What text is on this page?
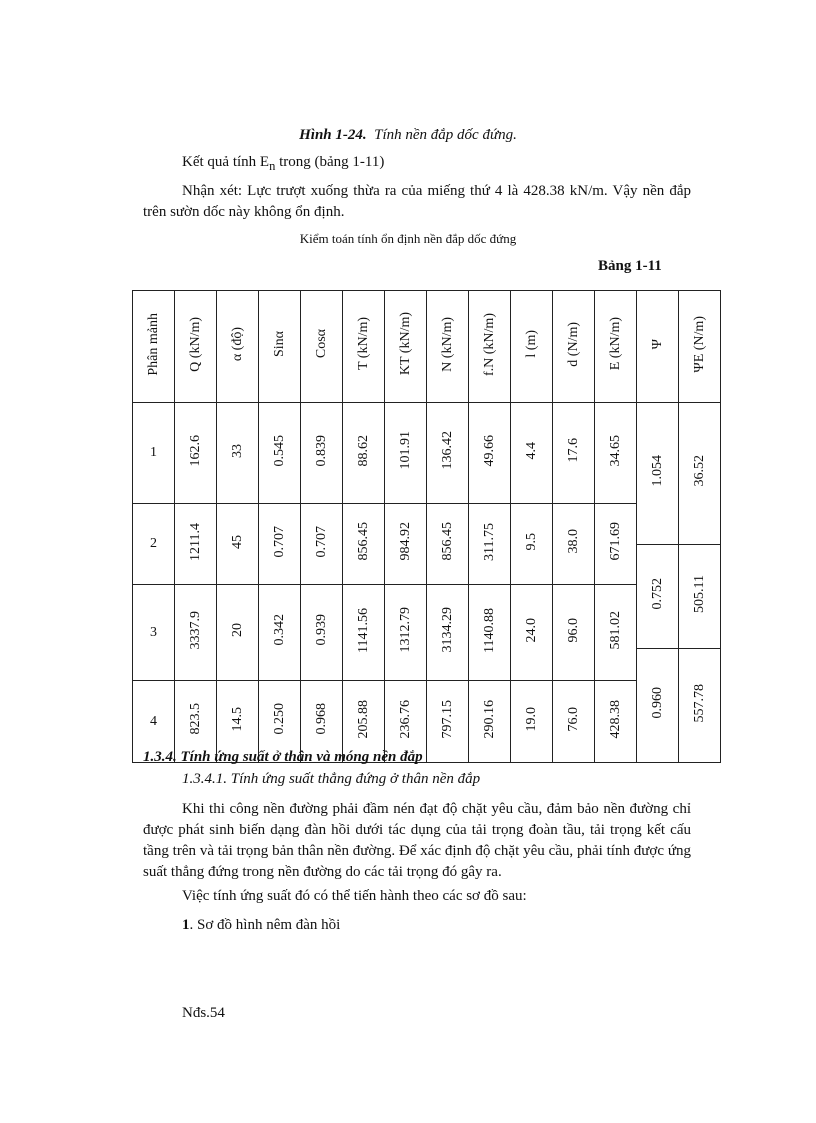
Hình 1-24. Tính nền đắp dốc đứng.
Kết quả tính $E_n$ trong (bảng 1-11)
Nhận xét: Lực trượt xuống thừa ra của miếng thứ 4 là 428.38 kN/m. Vậy nền đắp trên sườn dốc này không ổn định.
Kiểm toán tính ổn định nền đắp dốc đứng
Bảng 1-11
Phân mảnh	Q (kN/m)	α (độ)	Sinα	Cosα	T (kN/m)	KT (kN/m)	N (kN/m)	f.N (kN/m)	l (m)	d (N/m)	E (kN/m)	Ψ	ΨE (N/m)
1	162.6	33	0.545	0.839	88.62	101.91	136.42	49.66	4.4	17.6	34.65	1.054	36.52

2	1211.4	45	0.707	0.707	856.45	984.92	856.45	311.75	9.5	38.0	671.69		
												0.752	505.11
3	3337.9	20	0.342	0.939	1141.56	1312.79	3134.29	1140.88	24.0	96.0	581.02		
												0.960	557.78
4	823.5	14.5	0.250	0.968	205.88	236.76	797.15	290.16	19.0	76.0	428.38		
1.3.4. Tính ứng suất ở thân và móng nền đắp
1.3.4.1. Tính ứng suất thẳng đứng ở thân nền đắp
Khi thi công nền đường phải đầm nén đạt độ chặt yêu cầu, đảm bảo nền đường chỉ được phát sinh biến dạng đàn hồi dưới tác dụng của tải trọng đoàn tầu, tải trọng kết cấu tầng trên và tải trọng bản thân nền đường. Để xác định độ chặt yêu cầu, phải tính được ứng suất thẳng đứng trong nền đường do các tải trọng đó gây ra.
Việc tính ứng suất đó có thể tiến hành theo các sơ đồ sau:
1. Sơ đồ hình nêm đàn hồi
Nđs.54
